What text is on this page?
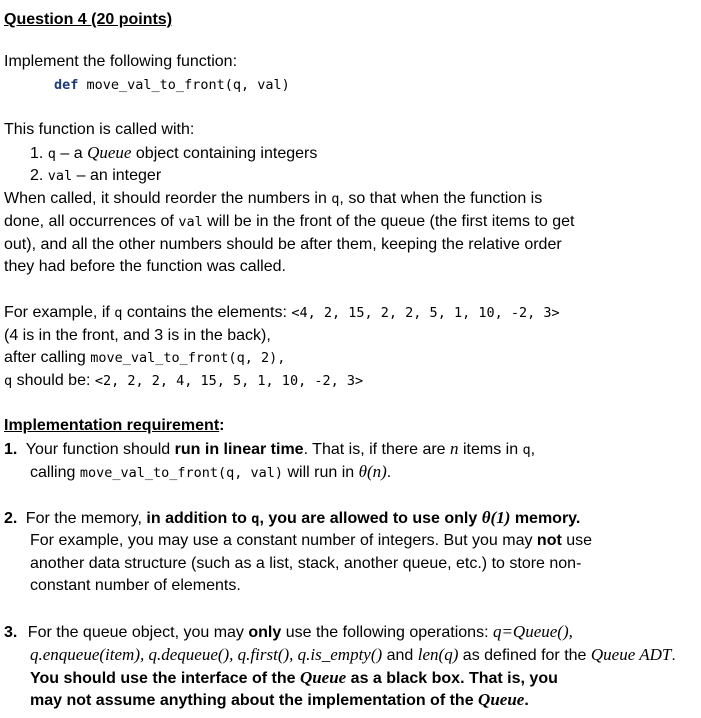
Question 4 (20 points)
Implement the following function:
def move_val_to_front(q, val)
This function is called with:
1. q – a Queue object containing integers
2. val – an integer
When called, it should reorder the numbers in q, so that when the function is
done, all occurrences of val will be in the front of the queue (the first items to get
out), and all the other numbers should be after them, keeping the relative order
they had before the function was called.
For example, if q contains the elements: <4, 2, 15, 2, 2, 5, 1, 10, -2, 3>
(4 is in the front, and 3 is in the back),
after calling move_val_to_front(q, 2),
q should be: <2, 2, 2, 4, 15, 5, 1, 10, -2, 3>
Implementation requirement:
1. Your function should run in linear time. That is, if there are n items in q,
calling move_val_to_front(q, val) will run in θ(n).
2. For the memory, in addition to q, you are allowed to use only θ(1) memory.
For example, you may use a constant number of integers. But you may not use
another data structure (such as a list, stack, another queue, etc.) to store non-
constant number of elements.
3. For the queue object, you may only use the following operations: q=Queue(),
q.enqueue(item), q.dequeue(), q.first(), q.is_empty() and len(q) as defined for the Queue ADT.
You should use the interface of the Queue as a black box. That is, you
may not assume anything about the implementation of the Queue.
